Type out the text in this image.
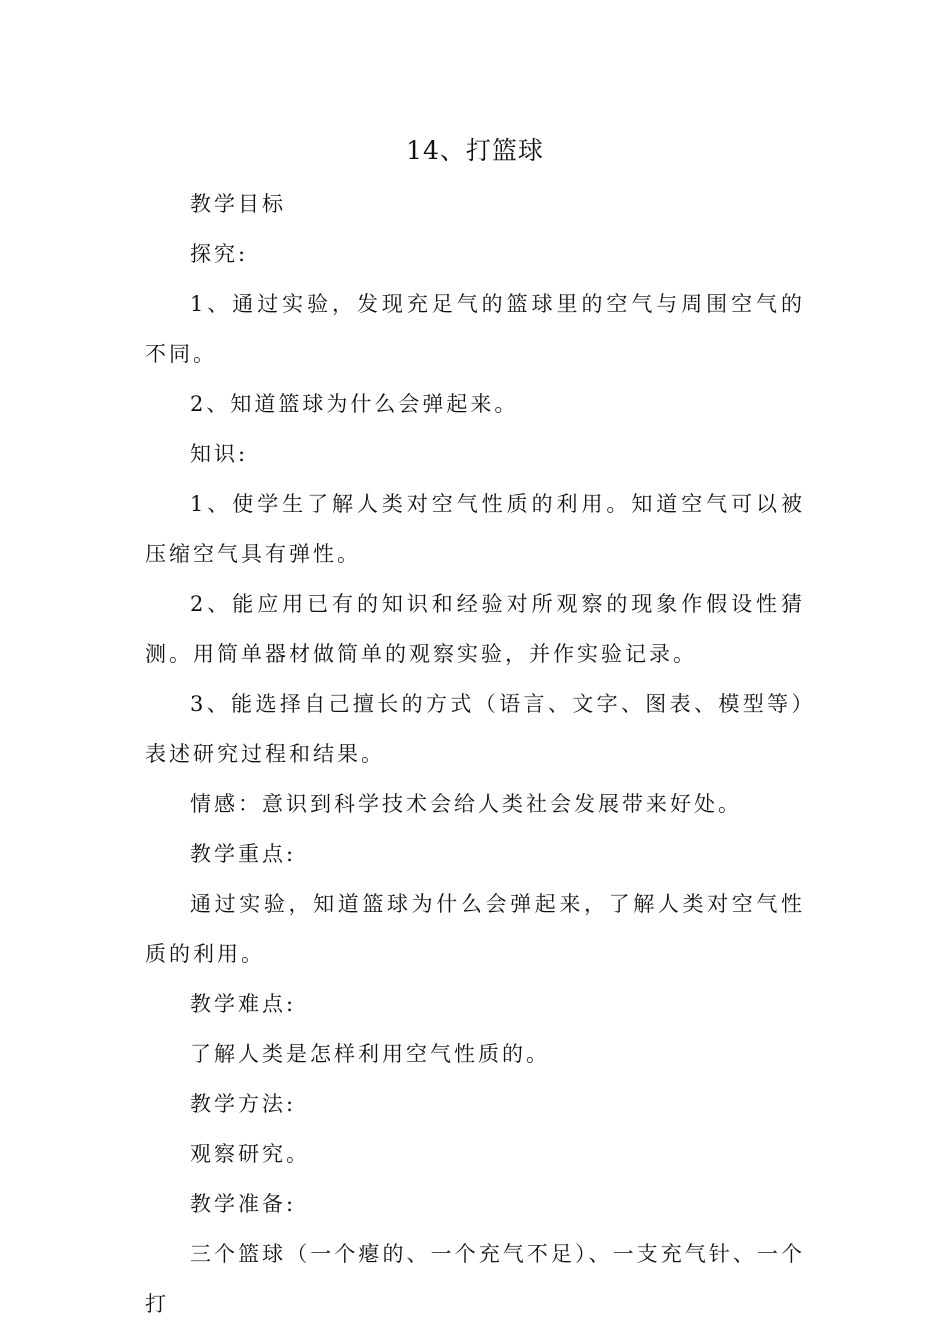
14、打篮球

教学目标

探究:

1、通过实验，发现充足气的篮球里的空气与周围空气的不同。

2、知道篮球为什么会弹起来。

知识:

1、使学生了解人类对空气性质的利用。知道空气可以被压缩空气具有弹性。

2、能应用已有的知识和经验对所观察的现象作假设性猜测。用简单器材做简单的观察实验，并作实验记录。

3、能选择自己擅长的方式（语言、文字、图表、模型等）表述研究过程和结果。

情感：意识到科学技术会给人类社会发展带来好处。

教学重点:

通过实验，知道篮球为什么会弹起来，了解人类对空气性质的利用。

教学难点:

了解人类是怎样利用空气性质的。

教学方法:

观察研究。

教学准备:

三个篮球（一个瘪的、一个充气不足）、一支充气针、一个打
